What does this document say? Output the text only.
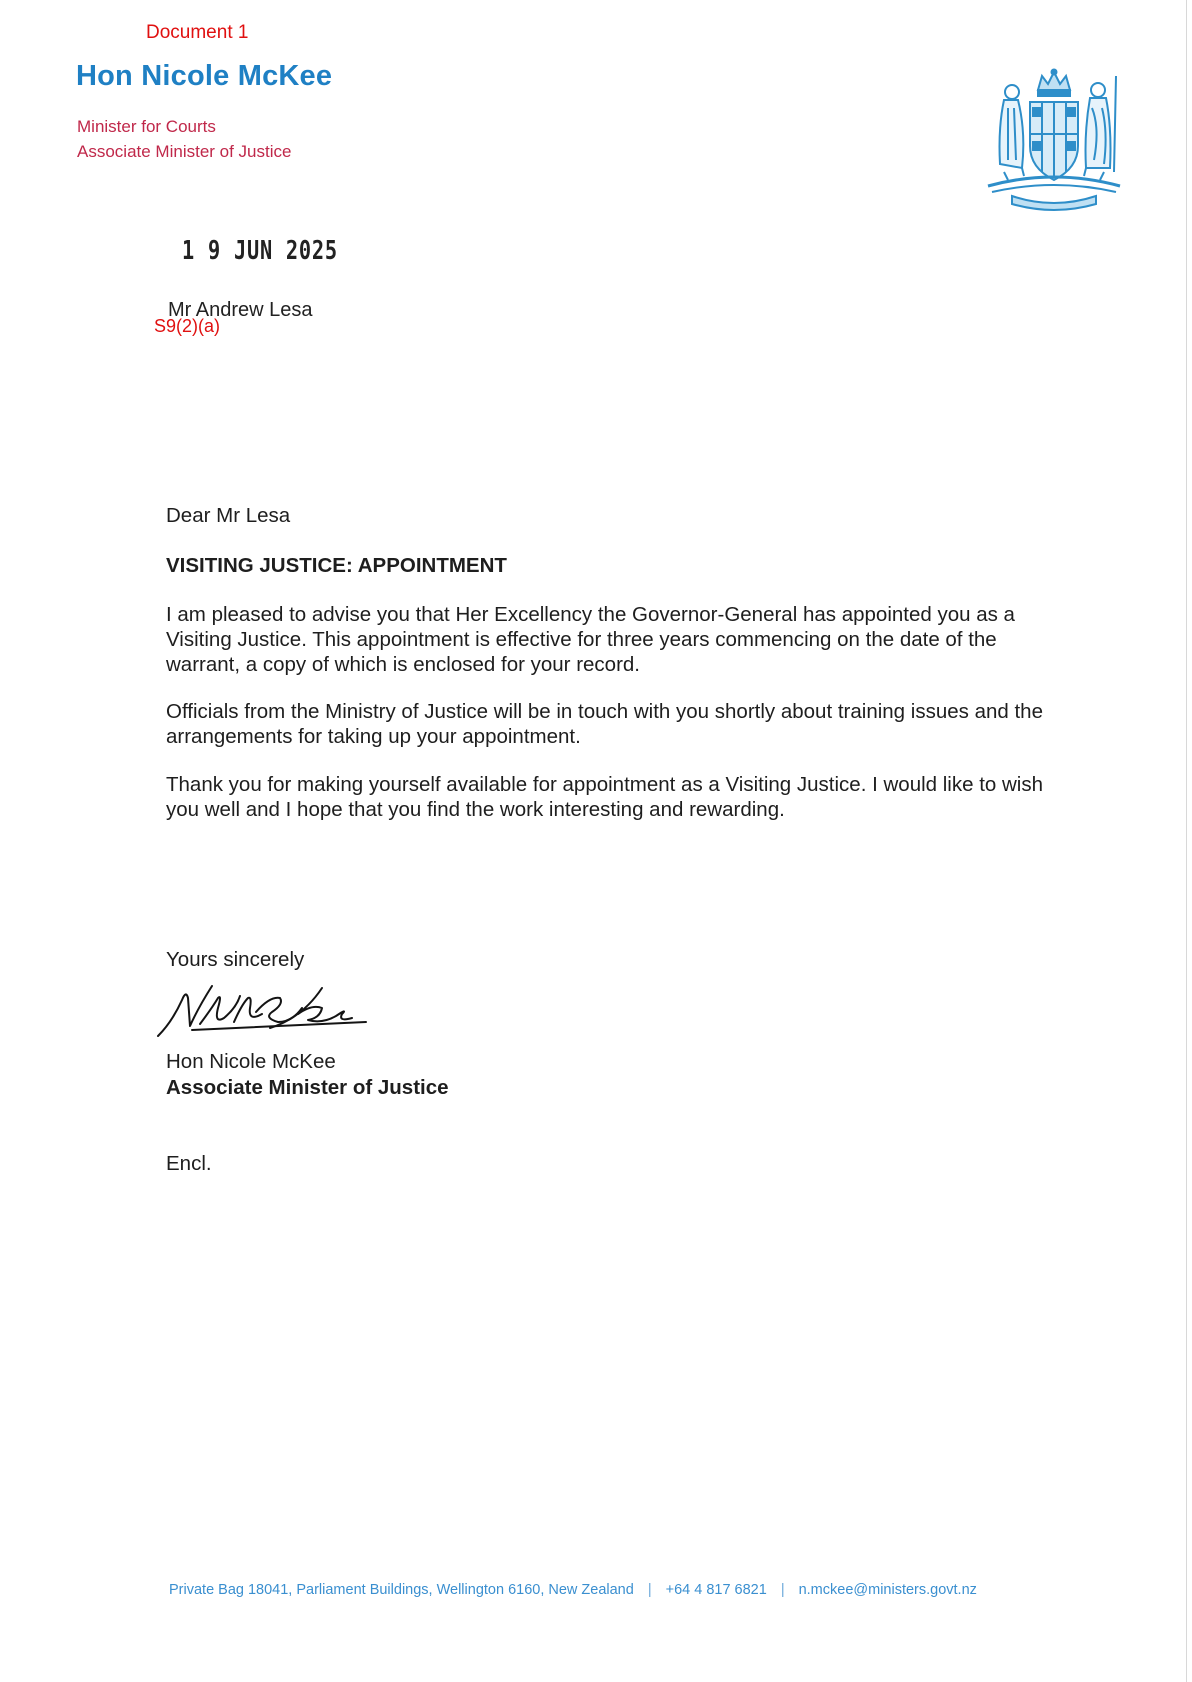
Document 1
Hon Nicole McKee
Minister for Courts
Associate Minister of Justice
1 9 JUN 2025
Mr Andrew Lesa
S9(2)(a)
Dear Mr Lesa
VISITING JUSTICE: APPOINTMENT
I am pleased to advise you that Her Excellency the Governor-General has appointed you as a Visiting Justice. This appointment is effective for three years commencing on the date of the warrant, a copy of which is enclosed for your record.
Officials from the Ministry of Justice will be in touch with you shortly about training issues and the arrangements for taking up your appointment.
Thank you for making yourself available for appointment as a Visiting Justice. I would like to wish you well and I hope that you find the work interesting and rewarding.
Yours sincerely
Hon Nicole McKee
Associate Minister of Justice
Encl.
Private Bag 18041, Parliament Buildings, Wellington 6160, New Zealand | +64 4 817 6821 | n.mckee@ministers.govt.nz
